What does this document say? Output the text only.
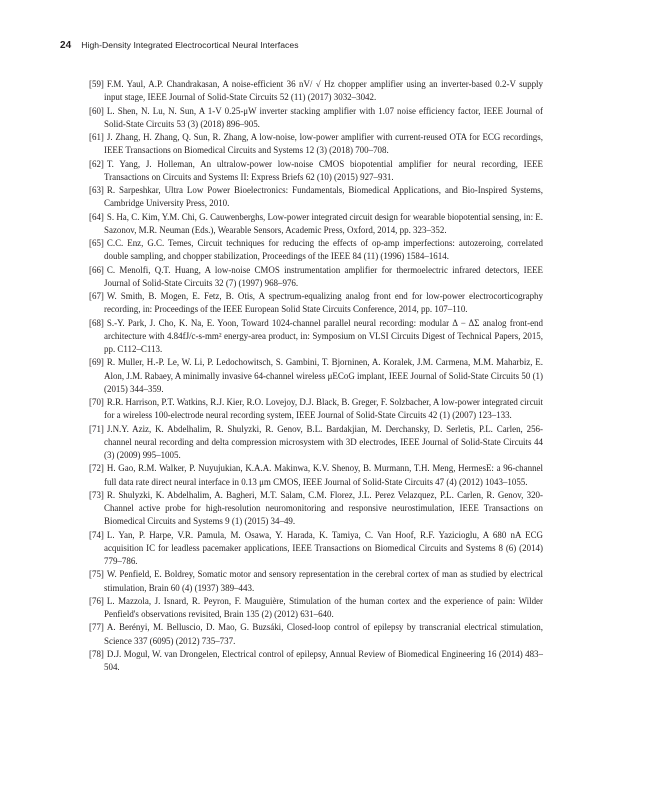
24 High-Density Integrated Electrocortical Neural Interfaces
[59] F.M. Yaul, A.P. Chandrakasan, A noise-efficient 36 nV/ √ Hz chopper amplifier using an inverter-based 0.2-V supply input stage, IEEE Journal of Solid-State Circuits 52 (11) (2017) 3032–3042.
[60] L. Shen, N. Lu, N. Sun, A 1-V 0.25-μW inverter stacking amplifier with 1.07 noise efficiency factor, IEEE Journal of Solid-State Circuits 53 (3) (2018) 896–905.
[61] J. Zhang, H. Zhang, Q. Sun, R. Zhang, A low-noise, low-power amplifier with current-reused OTA for ECG recordings, IEEE Transactions on Biomedical Circuits and Systems 12 (3) (2018) 700–708.
[62] T. Yang, J. Holleman, An ultralow-power low-noise CMOS biopotential amplifier for neural recording, IEEE Transactions on Circuits and Systems II: Express Briefs 62 (10) (2015) 927–931.
[63] R. Sarpeshkar, Ultra Low Power Bioelectronics: Fundamentals, Biomedical Applications, and Bio-Inspired Systems, Cambridge University Press, 2010.
[64] S. Ha, C. Kim, Y.M. Chi, G. Cauwenberghs, Low-power integrated circuit design for wearable biopotential sensing, in: E. Sazonov, M.R. Neuman (Eds.), Wearable Sensors, Academic Press, Oxford, 2014, pp. 323–352.
[65] C.C. Enz, G.C. Temes, Circuit techniques for reducing the effects of op-amp imperfections: autozeroing, correlated double sampling, and chopper stabilization, Proceedings of the IEEE 84 (11) (1996) 1584–1614.
[66] C. Menolfi, Q.T. Huang, A low-noise CMOS instrumentation amplifier for thermoelectric infrared detectors, IEEE Journal of Solid-State Circuits 32 (7) (1997) 968–976.
[67] W. Smith, B. Mogen, E. Fetz, B. Otis, A spectrum-equalizing analog front end for low-power electrocorticography recording, in: Proceedings of the IEEE European Solid State Circuits Conference, 2014, pp. 107–110.
[68] S.-Y. Park, J. Cho, K. Na, E. Yoon, Toward 1024-channel parallel neural recording: modular Δ − ΔΣ analog front-end architecture with 4.84fJ/c-s-mm² energy-area product, in: Symposium on VLSI Circuits Digest of Technical Papers, 2015, pp. C112–C113.
[69] R. Muller, H.-P. Le, W. Li, P. Ledochowitsch, S. Gambini, T. Bjorninen, A. Koralek, J.M. Carmena, M.M. Maharbiz, E. Alon, J.M. Rabaey, A minimally invasive 64-channel wireless μECoG implant, IEEE Journal of Solid-State Circuits 50 (1) (2015) 344–359.
[70] R.R. Harrison, P.T. Watkins, R.J. Kier, R.O. Lovejoy, D.J. Black, B. Greger, F. Solzbacher, A low-power integrated circuit for a wireless 100-electrode neural recording system, IEEE Journal of Solid-State Circuits 42 (1) (2007) 123–133.
[71] J.N.Y. Aziz, K. Abdelhalim, R. Shulyzki, R. Genov, B.L. Bardakjian, M. Derchansky, D. Serletis, P.L. Carlen, 256-channel neural recording and delta compression microsystem with 3D electrodes, IEEE Journal of Solid-State Circuits 44 (3) (2009) 995–1005.
[72] H. Gao, R.M. Walker, P. Nuyujukian, K.A.A. Makinwa, K.V. Shenoy, B. Murmann, T.H. Meng, HermesE: a 96-channel full data rate direct neural interface in 0.13 μm CMOS, IEEE Journal of Solid-State Circuits 47 (4) (2012) 1043–1055.
[73] R. Shulyzki, K. Abdelhalim, A. Bagheri, M.T. Salam, C.M. Florez, J.L. Perez Velazquez, P.L. Carlen, R. Genov, 320-Channel active probe for high-resolution neuromonitoring and responsive neurostimulation, IEEE Transactions on Biomedical Circuits and Systems 9 (1) (2015) 34–49.
[74] L. Yan, P. Harpe, V.R. Pamula, M. Osawa, Y. Harada, K. Tamiya, C. Van Hoof, R.F. Yazicioglu, A 680 nA ECG acquisition IC for leadless pacemaker applications, IEEE Transactions on Biomedical Circuits and Systems 8 (6) (2014) 779–786.
[75] W. Penfield, E. Boldrey, Somatic motor and sensory representation in the cerebral cortex of man as studied by electrical stimulation, Brain 60 (4) (1937) 389–443.
[76] L. Mazzola, J. Isnard, R. Peyron, F. Mauguière, Stimulation of the human cortex and the experience of pain: Wilder Penfield's observations revisited, Brain 135 (2) (2012) 631–640.
[77] A. Berényi, M. Belluscio, D. Mao, G. Buzsáki, Closed-loop control of epilepsy by transcranial electrical stimulation, Science 337 (6095) (2012) 735–737.
[78] D.J. Mogul, W. van Drongelen, Electrical control of epilepsy, Annual Review of Biomedical Engineering 16 (2014) 483–504.
